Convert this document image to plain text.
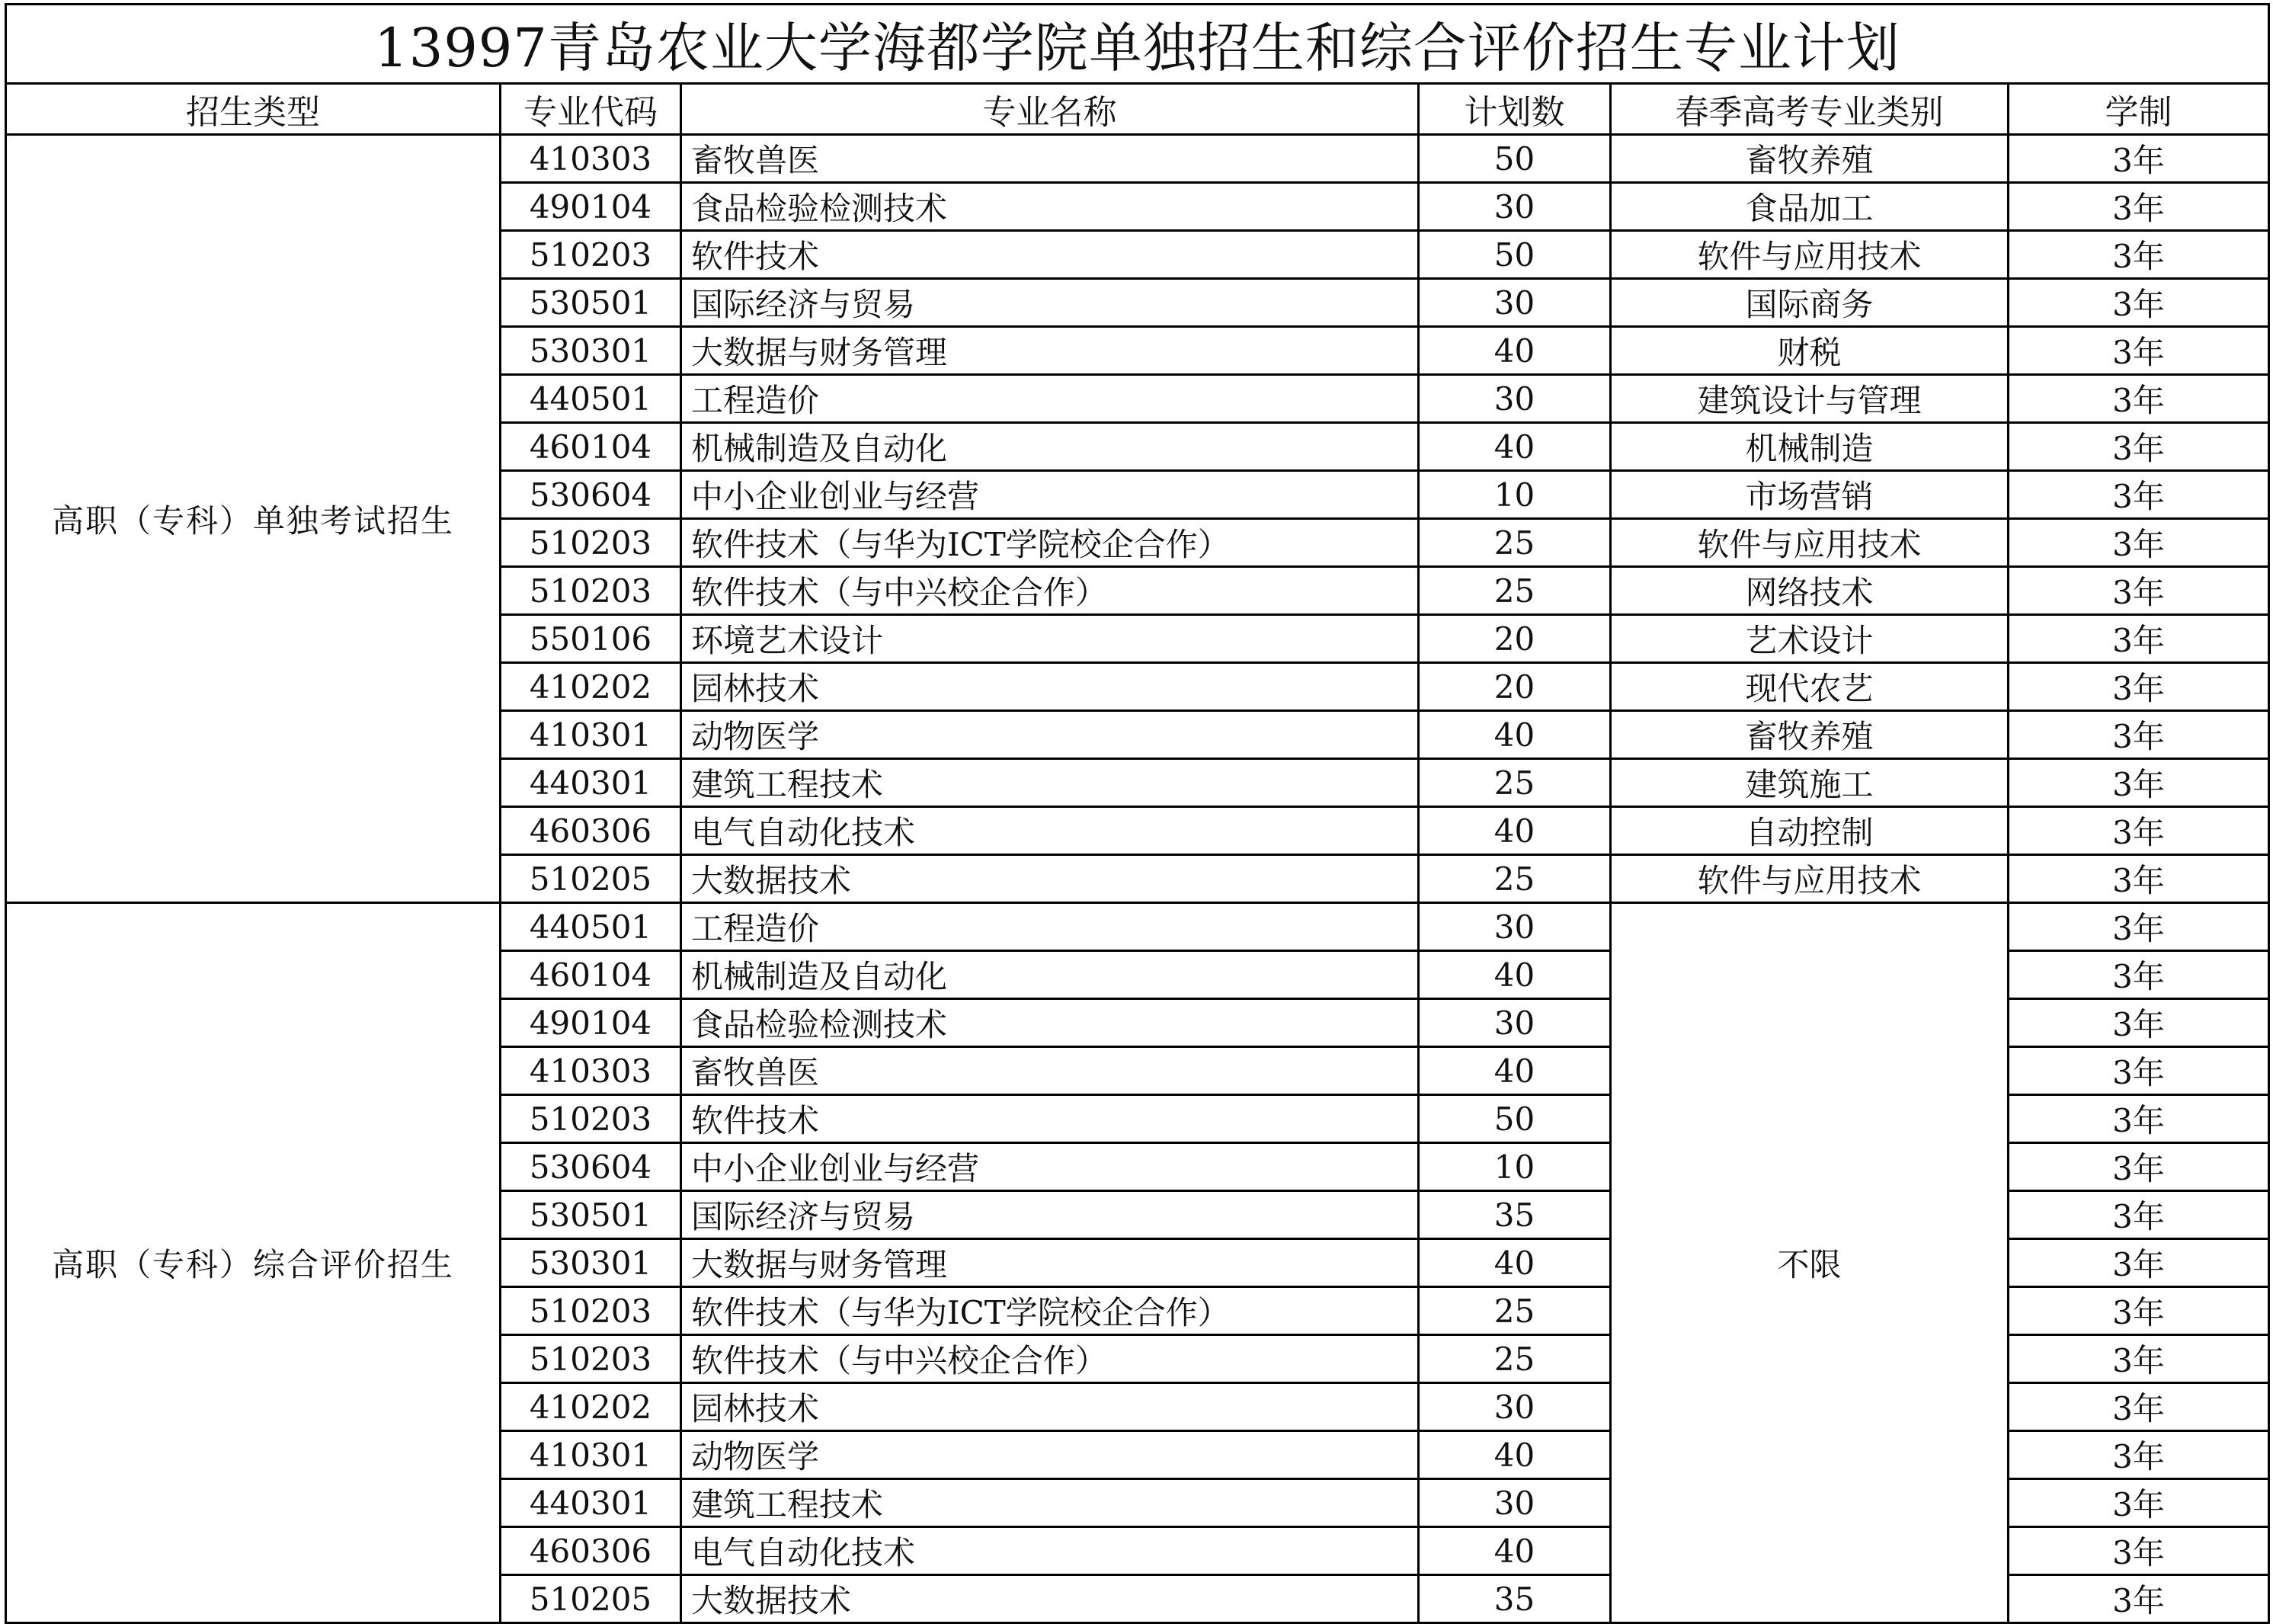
13997青岛农业大学海都学院单独招生和综合评价招生专业计划					
招生类型	专业代码	专业名称	计划数	春季高考专业类别	学制
高职（专科）单独考试招生	410303	畜牧兽医	50	畜牧养殖	3年
	490104	食品检验检测技术	30	食品加工	3年
	510203	软件技术	50	软件与应用技术	3年
	530501	国际经济与贸易	30	国际商务	3年
	530301	大数据与财务管理	40	财税	3年
	440501	工程造价	30	建筑设计与管理	3年
	460104	机械制造及自动化	40	机械制造	3年
	530604	中小企业创业与经营	10	市场营销	3年
	510203	软件技术（与华为ICT学院校企合作）	25	软件与应用技术	3年
	510203	软件技术（与中兴校企合作）	25	网络技术	3年
	550106	环境艺术设计	20	艺术设计	3年
	410202	园林技术	20	现代农艺	3年
	410301	动物医学	40	畜牧养殖	3年
	440301	建筑工程技术	25	建筑施工	3年
	460306	电气自动化技术	40	自动控制	3年
	510205	大数据技术	25	软件与应用技术	3年
高职（专科）综合评价招生	440501	工程造价	30	不限	3年
	460104	机械制造及自动化	40		3年
	490104	食品检验检测技术	30		3年
	410303	畜牧兽医	40		3年
	510203	软件技术	50		3年
	530604	中小企业创业与经营	10		3年
	530501	国际经济与贸易	35		3年
	530301	大数据与财务管理	40		3年
	510203	软件技术（与华为ICT学院校企合作）	25		3年
	510203	软件技术（与中兴校企合作）	25		3年
	410202	园林技术	30		3年
	410301	动物医学	40		3年
	440301	建筑工程技术	30		3年
	460306	电气自动化技术	40		3年
	510205	大数据技术	35		3年
